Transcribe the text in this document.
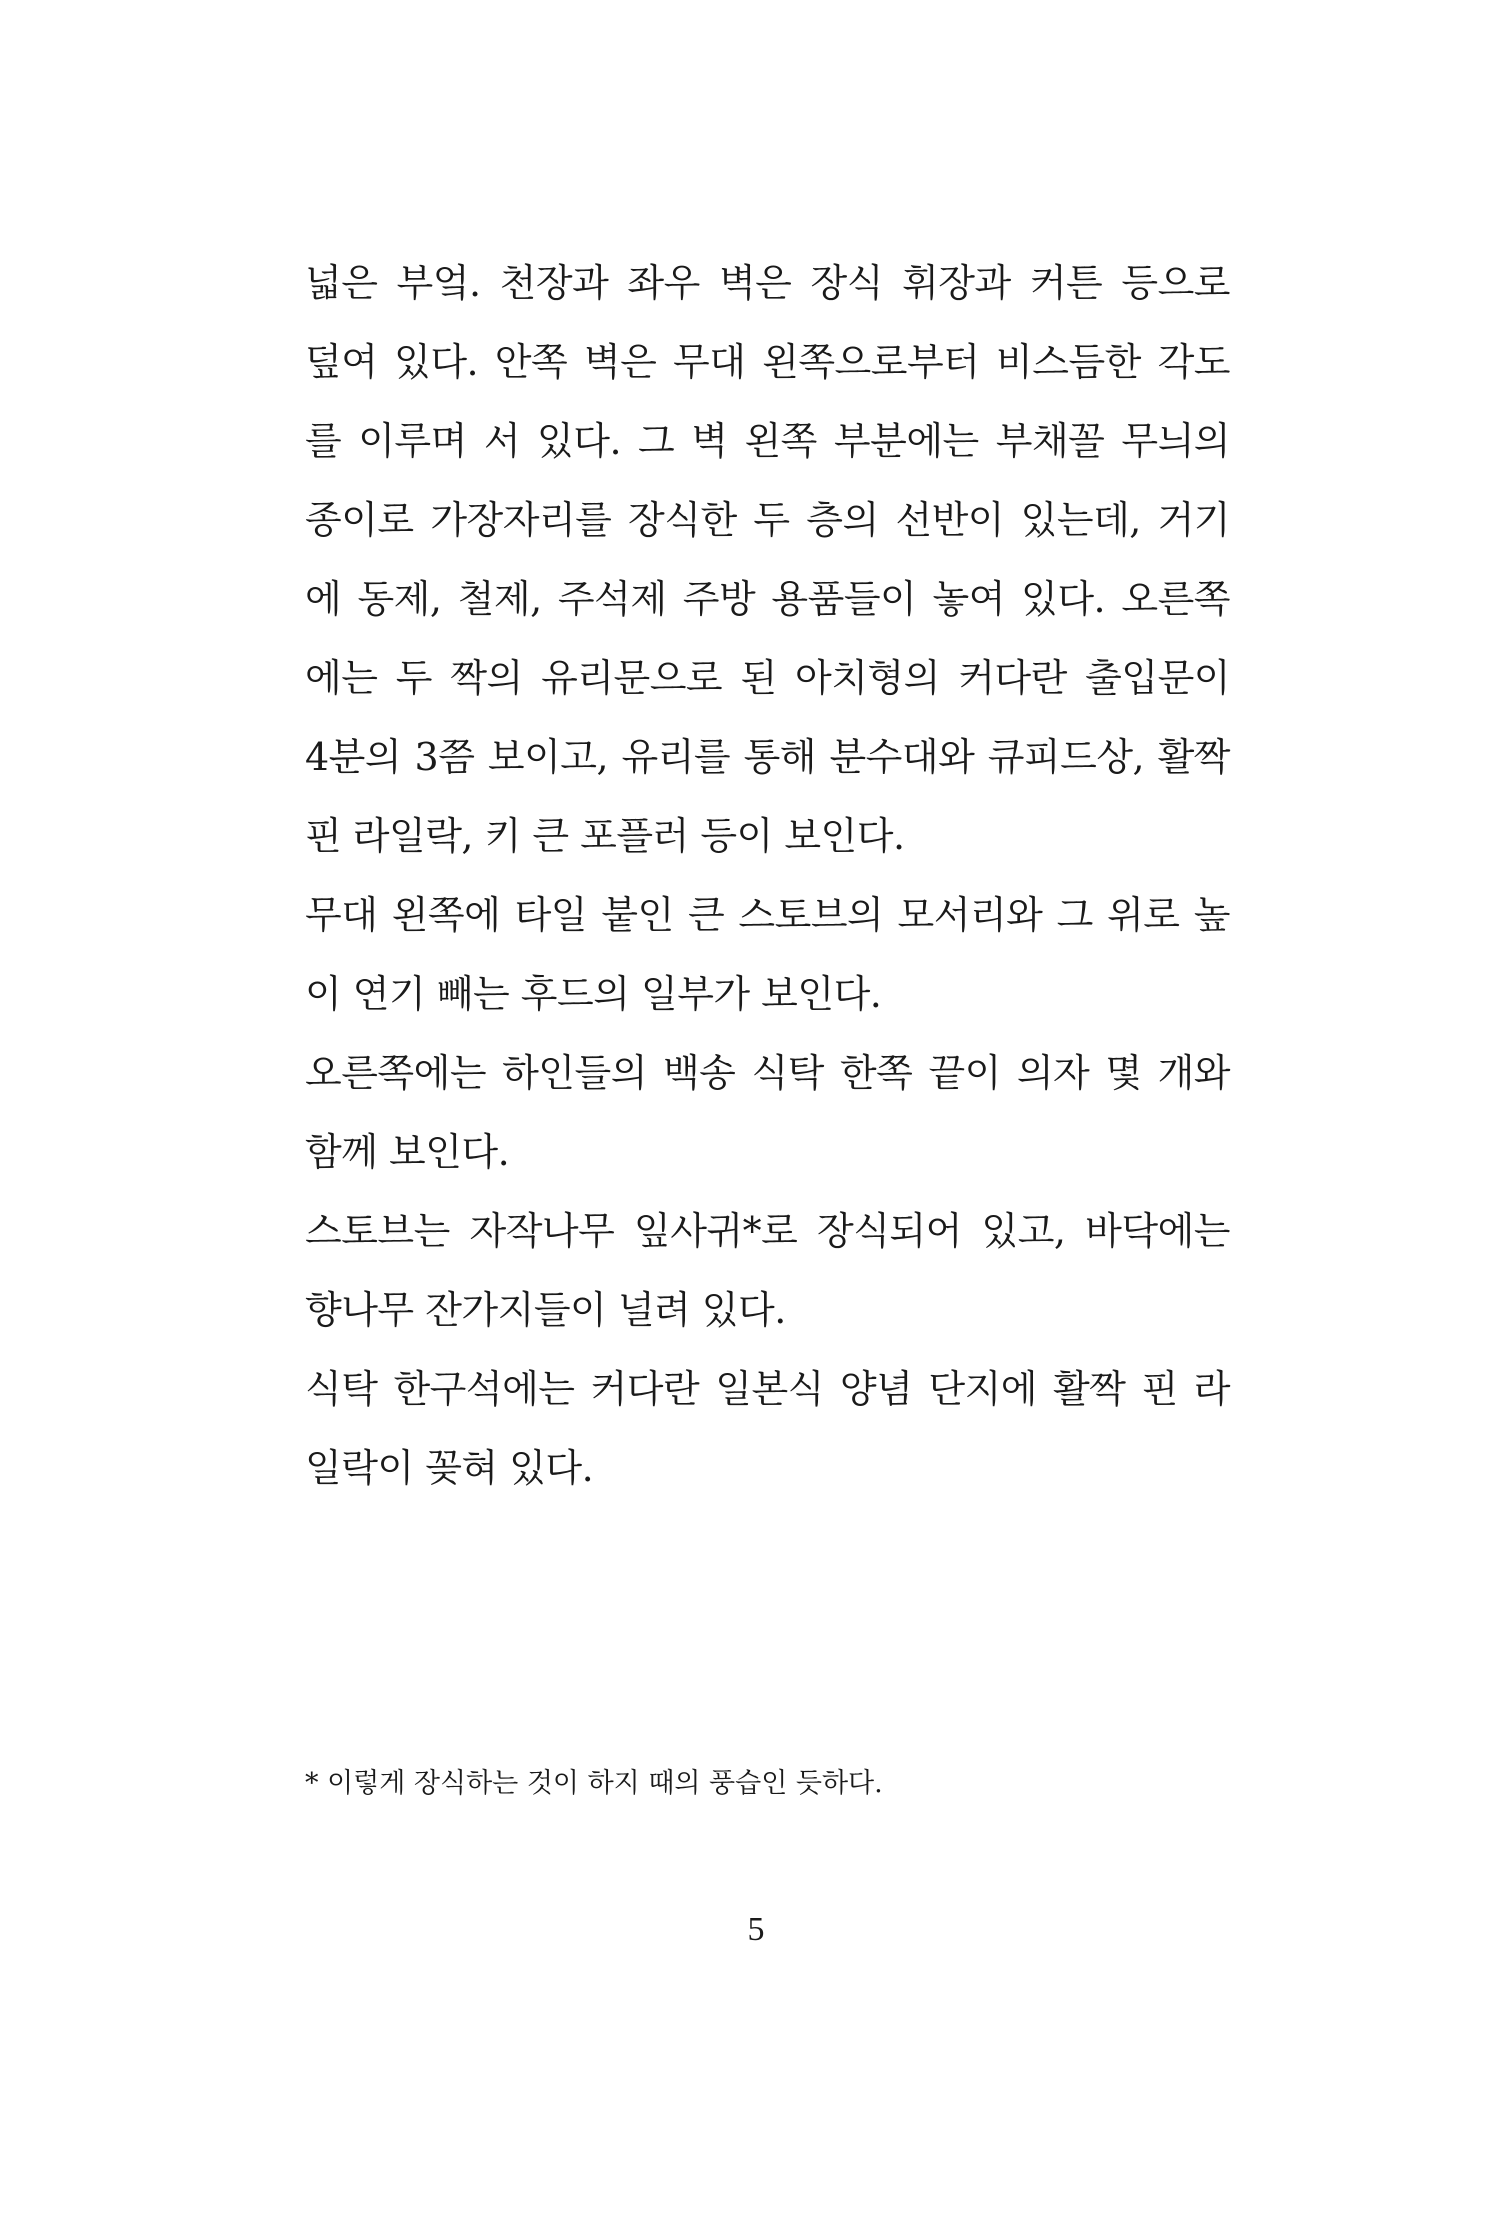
넓은 부엌. 천장과 좌우 벽은 장식 휘장과 커튼 등으로
덮여 있다. 안쪽 벽은 무대 왼쪽으로부터 비스듬한 각도
를 이루며 서 있다. 그 벽 왼쪽 부분에는 부채꼴 무늬의
종이로 가장자리를 장식한 두 층의 선반이 있는데, 거기
에 동제, 철제, 주석제 주방 용품들이 놓여 있다. 오른쪽
에는 두 짝의 유리문으로 된 아치형의 커다란 출입문이
4분의 3쯤 보이고, 유리를 통해 분수대와 큐피드상, 활짝
핀 라일락, 키 큰 포플러 등이 보인다.
무대 왼쪽에 타일 붙인 큰 스토브의 모서리와 그 위로 높
이 연기 빼는 후드의 일부가 보인다.
오른쪽에는 하인들의 백송 식탁 한쪽 끝이 의자 몇 개와
함께 보인다.
스토브는 자작나무 잎사귀*로 장식되어 있고, 바닥에는
향나무 잔가지들이 널려 있다.
식탁 한구석에는 커다란 일본식 양념 단지에 활짝 핀 라
일락이 꽂혀 있다.
* 이렇게 장식하는 것이 하지 때의 풍습인 듯하다.
5
